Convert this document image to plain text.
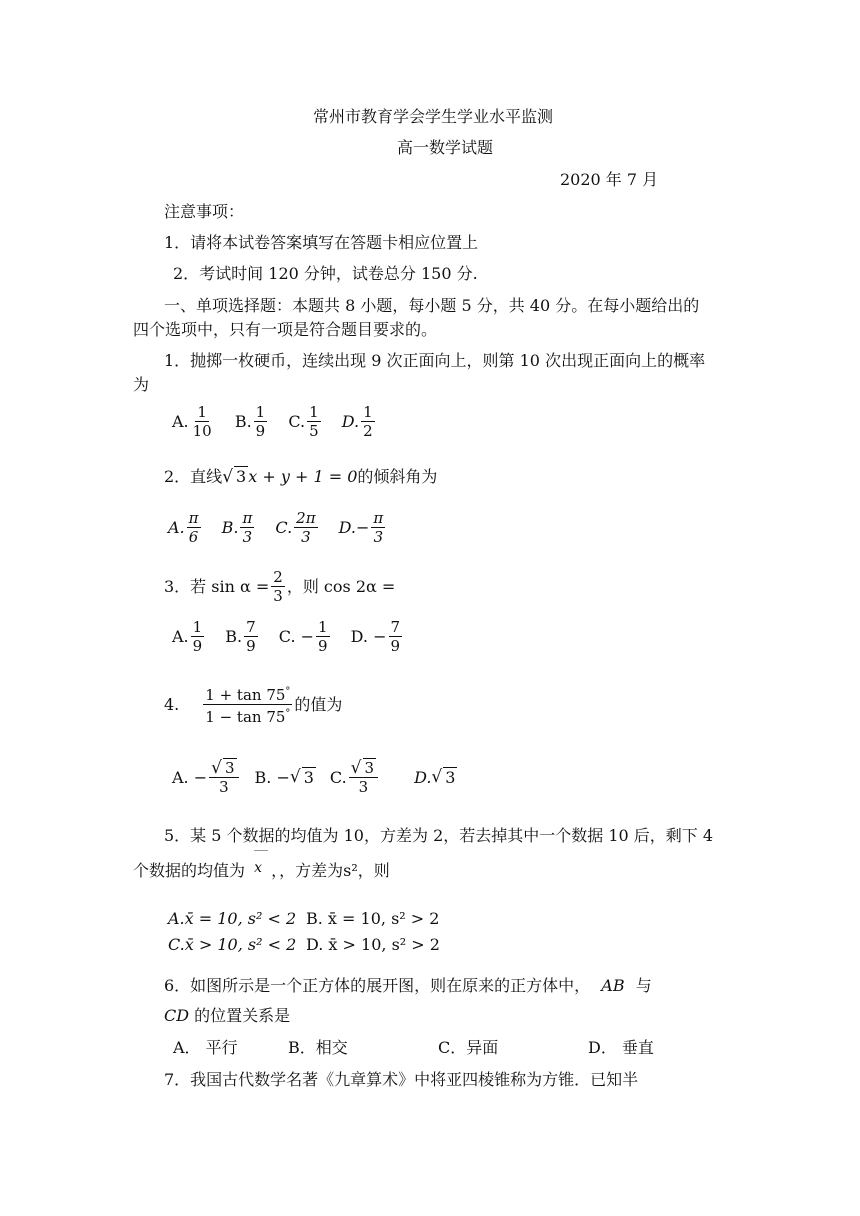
常州市教育学会学生学业水平监测
高一数学试题
2020 年 7 月
注意事项：
1．请将本试卷答案填写在答题卡相应位置上
2．考试时间 120 分钟，试卷总分 150 分.
一、单项选择题：本题共 8 小题，每小题 5 分，共 40 分。在每小题给出的
四个选项中，只有一项是符合题目要求的。
1．抛掷一枚硬币，连续出现 9 次正面向上，则第 10 次出现正面向上的概率
为
A. $\frac{1}{10}$
B. $\frac{1}{9}$
C. $\frac{1}{5}$
D. $\frac{1}{2}$
2．直线√ 3 x + y + 1 = 0的倾斜角为
A. $\frac{\pi}{6}$
B. $\frac{\pi}{3}$
C. $\frac{2\pi}{3}$
$D.- \frac{\pi}{3}$
3．若 $\sin \alpha = \frac{2}{3}$ ，则 cos 2α =
A. $\frac{1}{9}$
B. $\frac{7}{9}$
C. − $\frac{1}{9}$
D. − $\frac{7}{9}$
4. $\frac{1 + \tan 75^\circ}{1 - \tan 75^\circ}$ 的值为
A. − $\frac{√ 3}{3} B$. − √ 3 C. $\frac{√ 3}{3} D$. √ 3
5．某 5 个数据的均值为 10，方差为 2，若去掉其中一个数据 10 后，剩下 4
个数据的均值为 x ，，方差为s²，则
A.x̄ = 10, s² < 2 B. x̄ = 10, s² > 2
C.x̄ > 10, s² < 2 D. x̄ > 10, s² > 2
6．如图所示是一个正方体的展开图，则在原来的正方体中， AB 与
CD 的位置关系是
A． 平行	B．相交	C．异面	D． 垂直
7．我国古代数学名著《九章算术》中将亚四棱锥称为方锥．已知半
